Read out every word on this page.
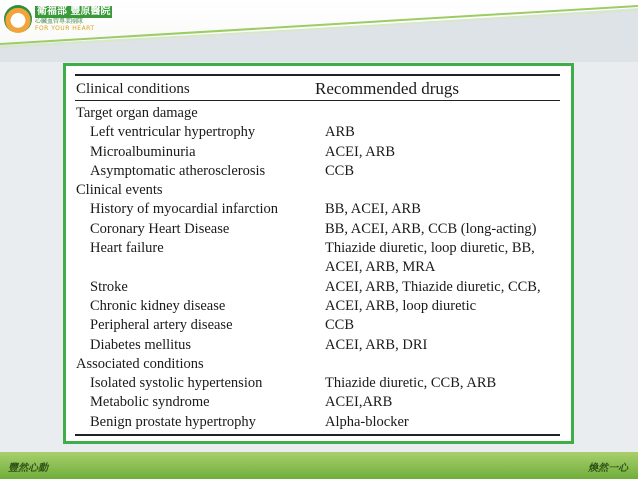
衛福部 豐原醫院
心臟血管專業團隊
FOR YOUR HEART
Clinical conditions	Recommended drugs
Target organ damage
Left ventricular hypertrophy	ARB
Microalbuminuria	ACEI, ARB
Asymptomatic atherosclerosis	CCB
Clinical events
History of myocardial infarction	BB, ACEI, ARB
Coronary Heart Disease	BB, ACEI, ARB, CCB (long-acting)
Heart failure	Thiazide diuretic, loop diuretic, BB,
ACEI, ARB, MRA
Stroke	ACEI, ARB, Thiazide diuretic, CCB,
Chronic kidney disease	ACEI, ARB, loop diuretic
Peripheral artery disease	CCB
Diabetes mellitus	ACEI, ARB, DRI
Associated conditions
Isolated systolic hypertension	Thiazide diuretic, CCB, ARB
Metabolic syndrome	ACEI,ARB
Benign prostate hypertrophy	Alpha-blocker
豐然心動	煥然一心
